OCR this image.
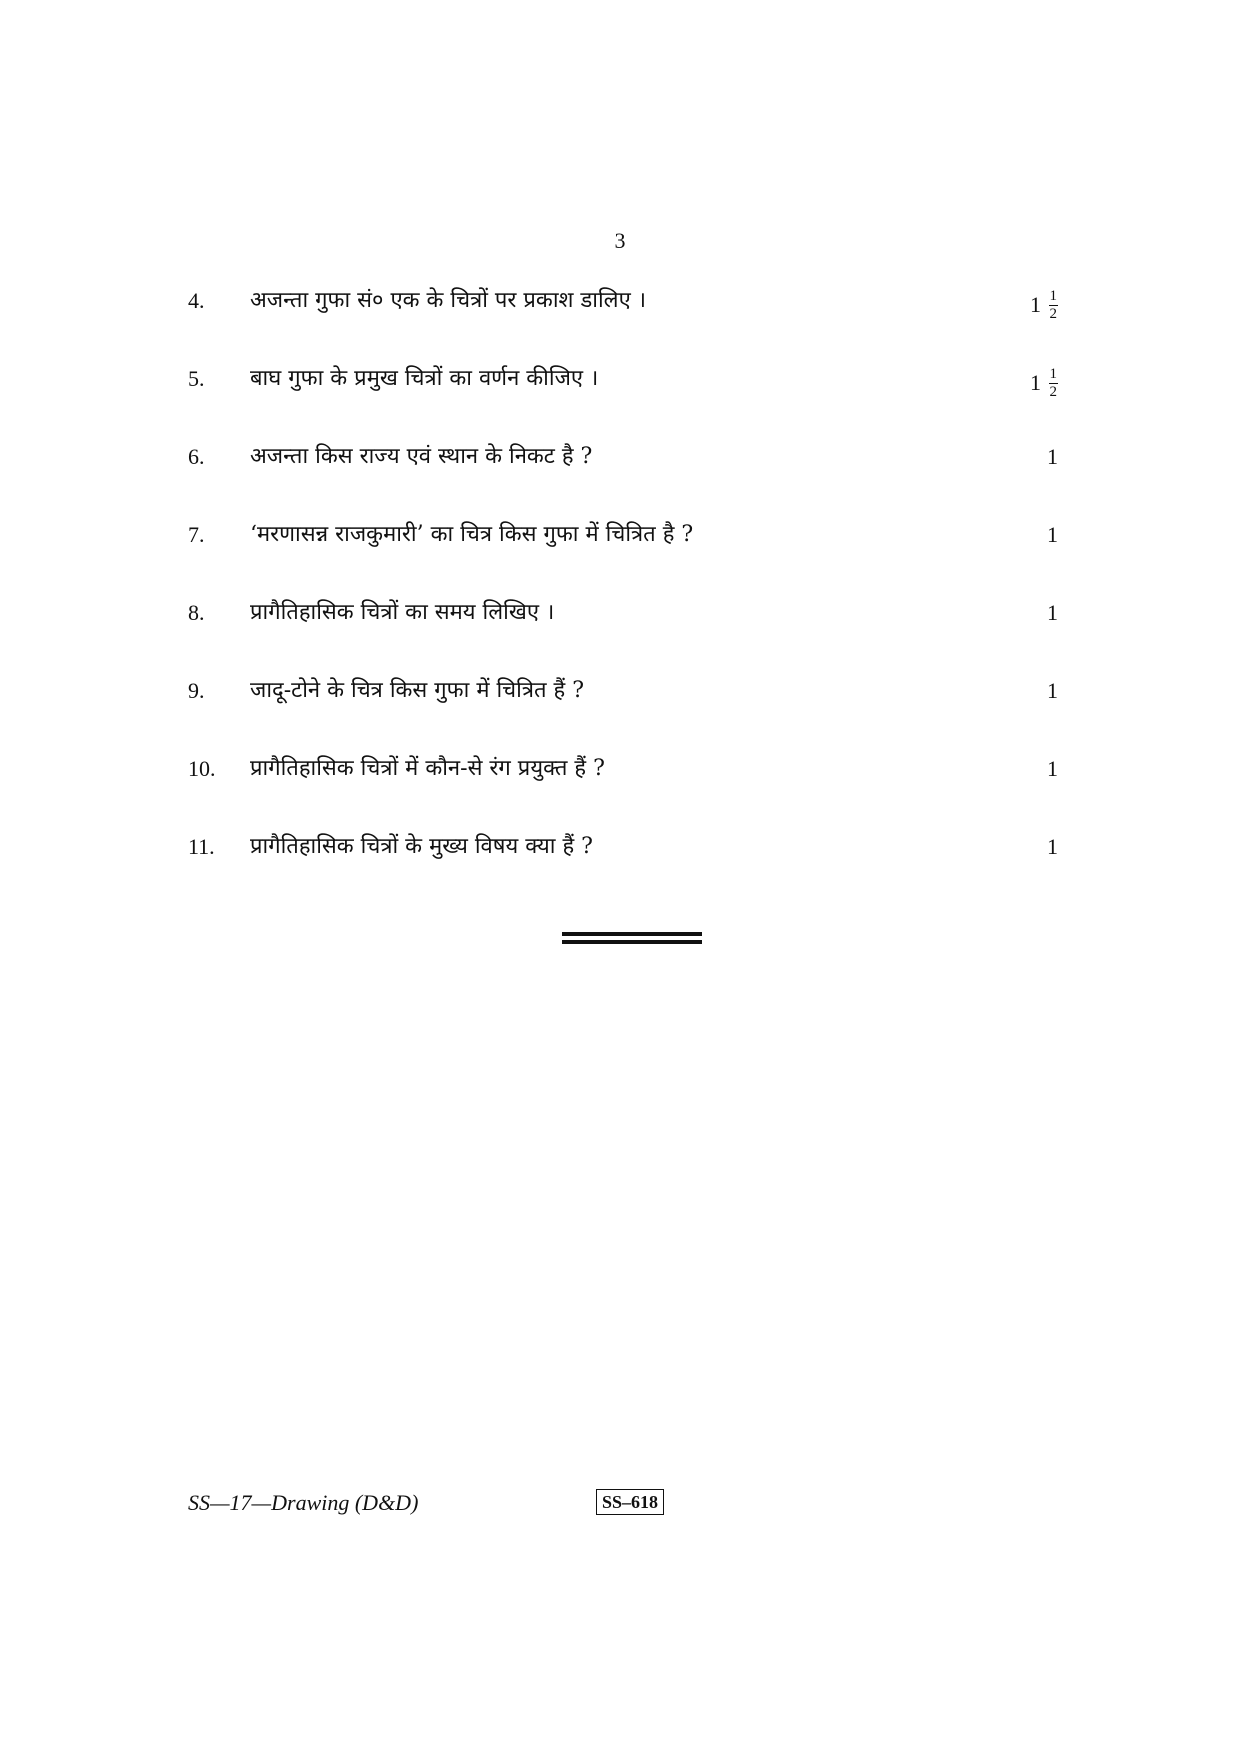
3
4. अजन्ता गुफा सं० एक के चित्रों पर प्रकाश डालिए ।	$1 \frac{1}{2}$
5. बाघ गुफा के प्रमुख चित्रों का वर्णन कीजिए ।	$1 \frac{1}{2}$
6. अजन्ता किस राज्य एवं स्थान के निकट है ?	1
7. ‘मरणासन्न राजकुमारी’ का चित्र किस गुफा में चित्रित है ?	1
8. प्रागैतिहासिक चित्रों का समय लिखिए ।	1
9. जादू-टोने के चित्र किस गुफा में चित्रित हैं ?	1
10. प्रागैतिहासिक चित्रों में कौन-से रंग प्रयुक्त हैं ?	1
11. प्रागैतिहासिक चित्रों के मुख्य विषय क्या हैं ?	1
SS—17—Drawing (D&D)	SS–618
